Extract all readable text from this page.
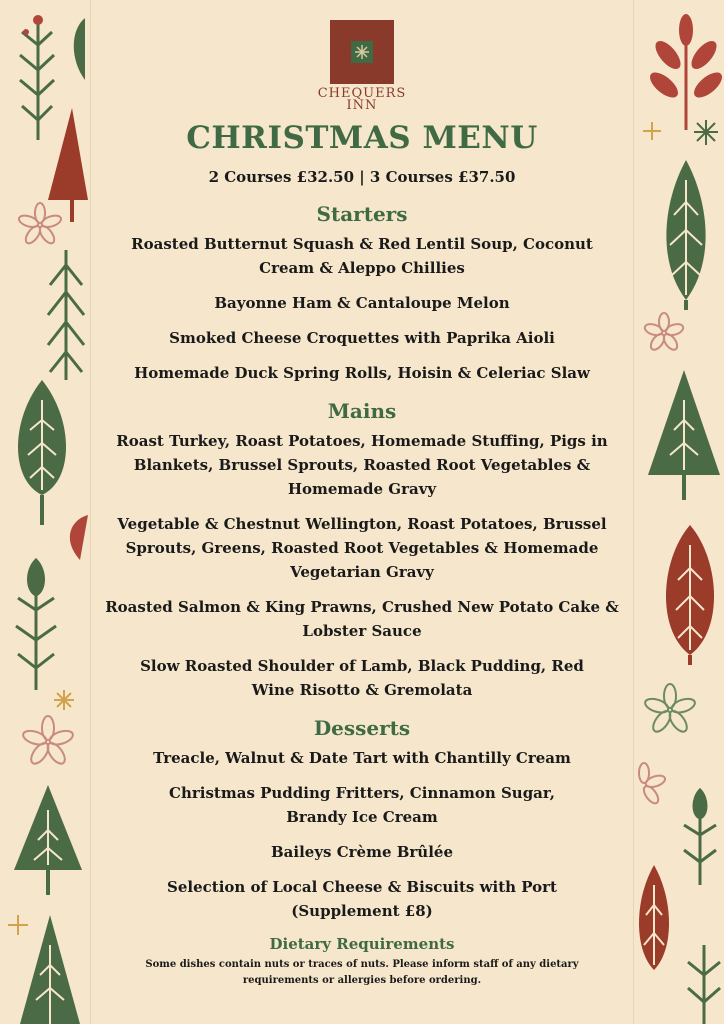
CHEQUERS
INN
CHRISTMAS MENU
2 Courses £32.50 | 3 Courses £37.50
Starters
Roasted Butternut Squash & Red Lentil Soup, Coconut Cream & Aleppo Chillies
Bayonne Ham & Cantaloupe Melon
Smoked Cheese Croquettes with Paprika Aioli
Homemade Duck Spring Rolls, Hoisin & Celeriac Slaw
Mains
Roast Turkey, Roast Potatoes, Homemade Stuffing, Pigs in Blankets, Brussel Sprouts, Roasted Root Vegetables & Homemade Gravy
Vegetable & Chestnut Wellington, Roast Potatoes, Brussel Sprouts, Greens, Roasted Root Vegetables & Homemade Vegetarian Gravy
Roasted Salmon & King Prawns, Crushed New Potato Cake & Lobster Sauce
Slow Roasted Shoulder of Lamb, Black Pudding, Red Wine Risotto & Gremolata
Desserts
Treacle, Walnut & Date Tart with Chantilly Cream
Christmas Pudding Fritters, Cinnamon Sugar, Brandy Ice Cream
Baileys Crème Brûlée
Selection of Local Cheese & Biscuits with Port (Supplement £8)
Dietary Requirements
Some dishes contain nuts or traces of nuts. Please inform staff of any dietary requirements or allergies before ordering.
